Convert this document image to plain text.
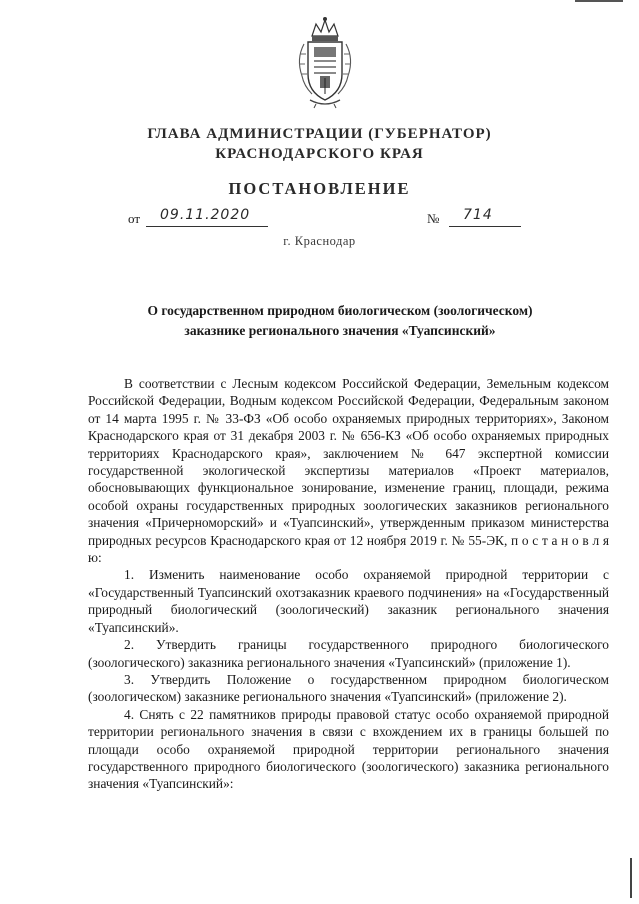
ГЛАВА АДМИНИСТРАЦИИ (ГУБЕРНАТОР)
КРАСНОДАРСКОГО КРАЯ
ПОСТАНОВЛЕНИЕ
от 09.11.2020	№ 714
г. Краснодар
О государственном природном биологическом (зоологическом)
заказнике регионального значения «Туапсинский»

В соответствии с Лесным кодексом Российской Федерации, Земельным кодексом Российской Федерации, Водным кодексом Российской Федерации, Федеральным законом от 14 марта 1995 г. № 33-ФЗ «Об особо охраняемых природных территориях», Законом Краснодарского края от 31 декабря 2003 г. № 656-КЗ «Об особо охраняемых природных территориях Краснодарского края», заключением № 647 экспертной комиссии государственной экологической экспертизы материалов «Проект материалов, обосновывающих функциональное зонирование, изменение границ, площади, режима особой охраны государственных природных зоологических заказников регионального значения «Причерноморский» и «Туапсинский», утвержденным приказом министерства природных ресурсов Краснодарского края от 12 ноября 2019 г. № 55-ЭК, п о с т а н о в л я ю:

1. Изменить наименование особо охраняемой природной территории с «Государственный Туапсинский охотзаказник краевого подчинения» на «Государственный природный биологический (зоологический) заказник регионального значения «Туапсинский».

2. Утвердить границы государственного природного биологического (зоологического) заказника регионального значения «Туапсинский» (приложение 1).

3. Утвердить Положение о государственном природном биологическом (зоологическом) заказнике регионального значения «Туапсинский» (приложение 2).

4. Снять с 22 памятников природы правовой статус особо охраняемой природной территории регионального значения в связи с вхождением их в границы большей по площади особо охраняемой природной территории регионального значения государственного природного биологического (зоологического) заказника регионального значения «Туапсинский»:
